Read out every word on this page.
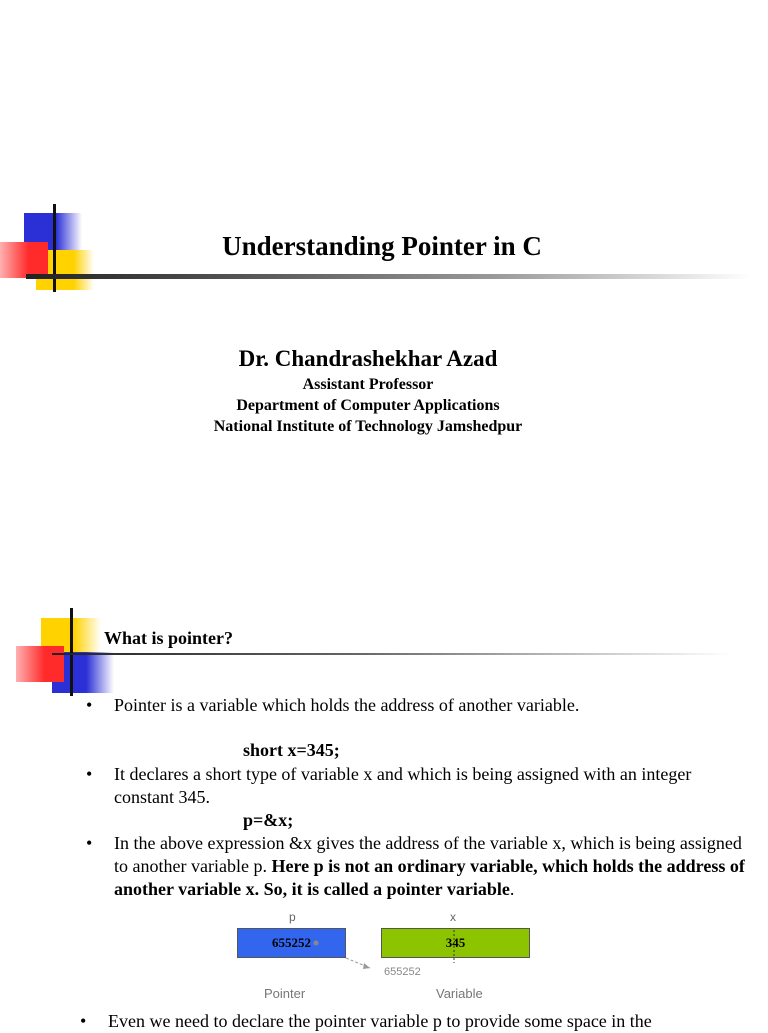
Understanding Pointer in C
Dr. Chandrashekhar Azad
Assistant Professor
Department of Computer Applications
National Institute of Technology Jamshedpur
What is pointer?
•	Pointer is a variable which holds the address of another variable.
short x=345;
•	It declares a short type of variable x and which is being assigned with an integer constant 345.
p=&x;
•	In the above expression &x gives the address of the variable x, which is being assigned to another variable p. Here p is not an ordinary variable, which holds the address of another variable x. So, it is called a pointer variable.
p	x
655252	345
655252
Pointer	Variable
•	Even we need to declare the pointer variable p to provide some space in the
